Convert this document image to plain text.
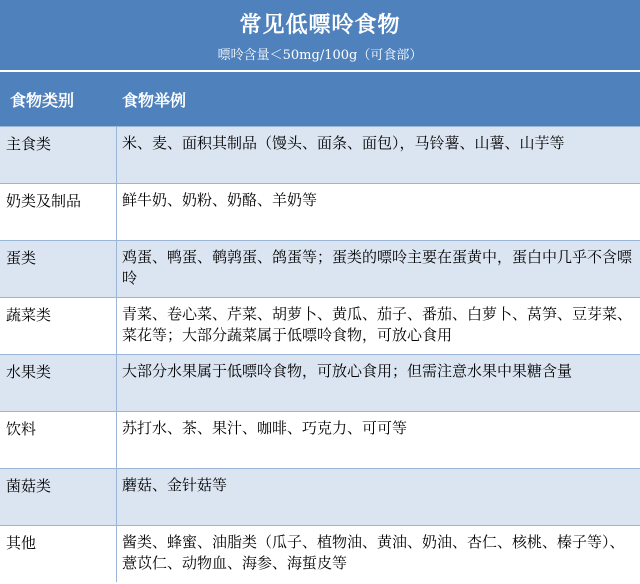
常见低嘌呤食物
嘌呤含量＜50mg/100g（可食部）
食物类别	食物举例
主食类	米、麦、面积其制品（馒头、面条、面包），马铃薯、山薯、山芋等
奶类及制品	鲜牛奶、奶粉、奶酪、羊奶等
蛋类	鸡蛋、鸭蛋、鹌鹑蛋、鸽蛋等；蛋类的嘌呤主要在蛋黄中，蛋白中几乎不含嘌呤
蔬菜类	青菜、卷心菜、芹菜、胡萝卜、黄瓜、茄子、番茄、白萝卜、莴笋、豆芽菜、菜花等；大部分蔬菜属于低嘌呤食物，可放心食用
水果类	大部分水果属于低嘌呤食物，可放心食用；但需注意水果中果糖含量
饮料	苏打水、茶、果汁、咖啡、巧克力、可可等
菌菇类	蘑菇、金针菇等
其他	酱类、蜂蜜、油脂类（瓜子、植物油、黄油、奶油、杏仁、核桃、榛子等）、薏苡仁、动物血、海参、海蜇皮等
